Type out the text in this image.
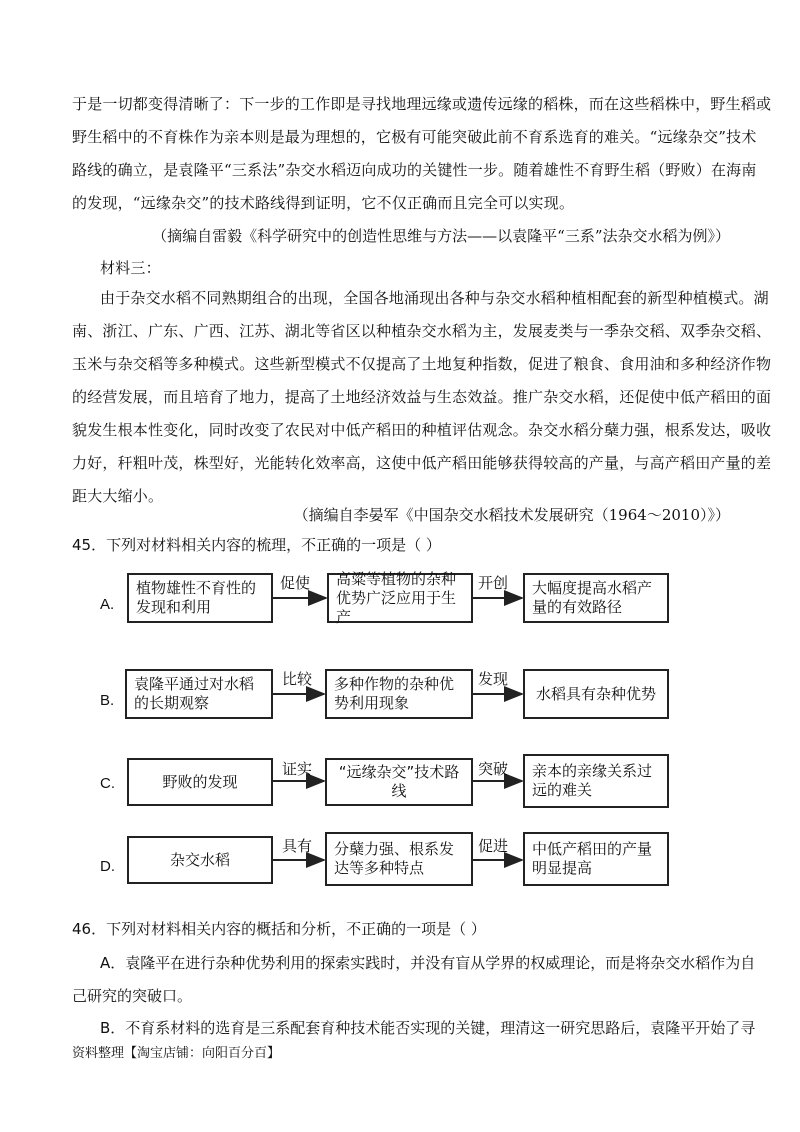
于是一切都变得清晰了：下一步的工作即是寻找地理远缘或遗传远缘的稻株，而在这些稻株中，野生稻或
野生稻中的不育株作为亲本则是最为理想的，它极有可能突破此前不育系选育的难关。“远缘杂交”技术
路线的确立，是袁隆平“三系法”杂交水稻迈向成功的关键性一步。随着雄性不育野生稻（野败）在海南
的发现，“远缘杂交”的技术路线得到证明，它不仅正确而且完全可以实现。
（摘编自雷毅《科学研究中的创造性思维与方法——以袁隆平“三系”法杂交水稻为例》）
材料三：
由于杂交水稻不同熟期组合的出现，全国各地涌现出各种与杂交水稻种植相配套的新型种植模式。湖
南、浙江、广东、广西、江苏、湖北等省区以种植杂交水稻为主，发展麦类与一季杂交稻、双季杂交稻、
玉米与杂交稻等多种模式。这些新型模式不仅提高了土地复种指数，促进了粮食、食用油和多种经济作物
的经营发展，而且培育了地力，提高了土地经济效益与生态效益。推广杂交水稻，还促使中低产稻田的面
貌发生根本性变化，同时改变了农民对中低产稻田的种植评估观念。杂交水稻分蘖力强，根系发达，吸收
力好，秆粗叶茂，株型好，光能转化效率高，这使中低产稻田能够获得较高的产量，与高产稻田产量的差
距大大缩小。
（摘编自李晏军《中国杂交水稻技术发展研究（1964～2010）》）
45．下列对材料相关内容的梳理，不正确的一项是（ ）
A.
植物雄性不育性的发现和利用
促使	高粱等植物的杂种优势广泛应用于生产
开创	大幅度提高水稻产量的有效路径
B.
袁隆平通过对水稻的长期观察
比较	多种作物的杂种优势利用现象
发现
水稻具有杂种优势
C.	野败的发现
证实	“远缘杂交”技术路线
突破	亲本的亲缘关系过远的难关
D.	杂交水稻
具有	分蘖力强、根系发达等多种特点
促进	中低产稻田的产量明显提高
46．下列对材料相关内容的概括和分析，不正确的一项是（ ）
A．袁隆平在进行杂种优势利用的探索实践时，并没有盲从学界的权威理论，而是将杂交水稻作为自
己研究的突破口。
B．不育系材料的选育是三系配套育种技术能否实现的关键，理清这一研究思路后，袁隆平开始了寻
资料整理【淘宝店铺：向阳百分百】
